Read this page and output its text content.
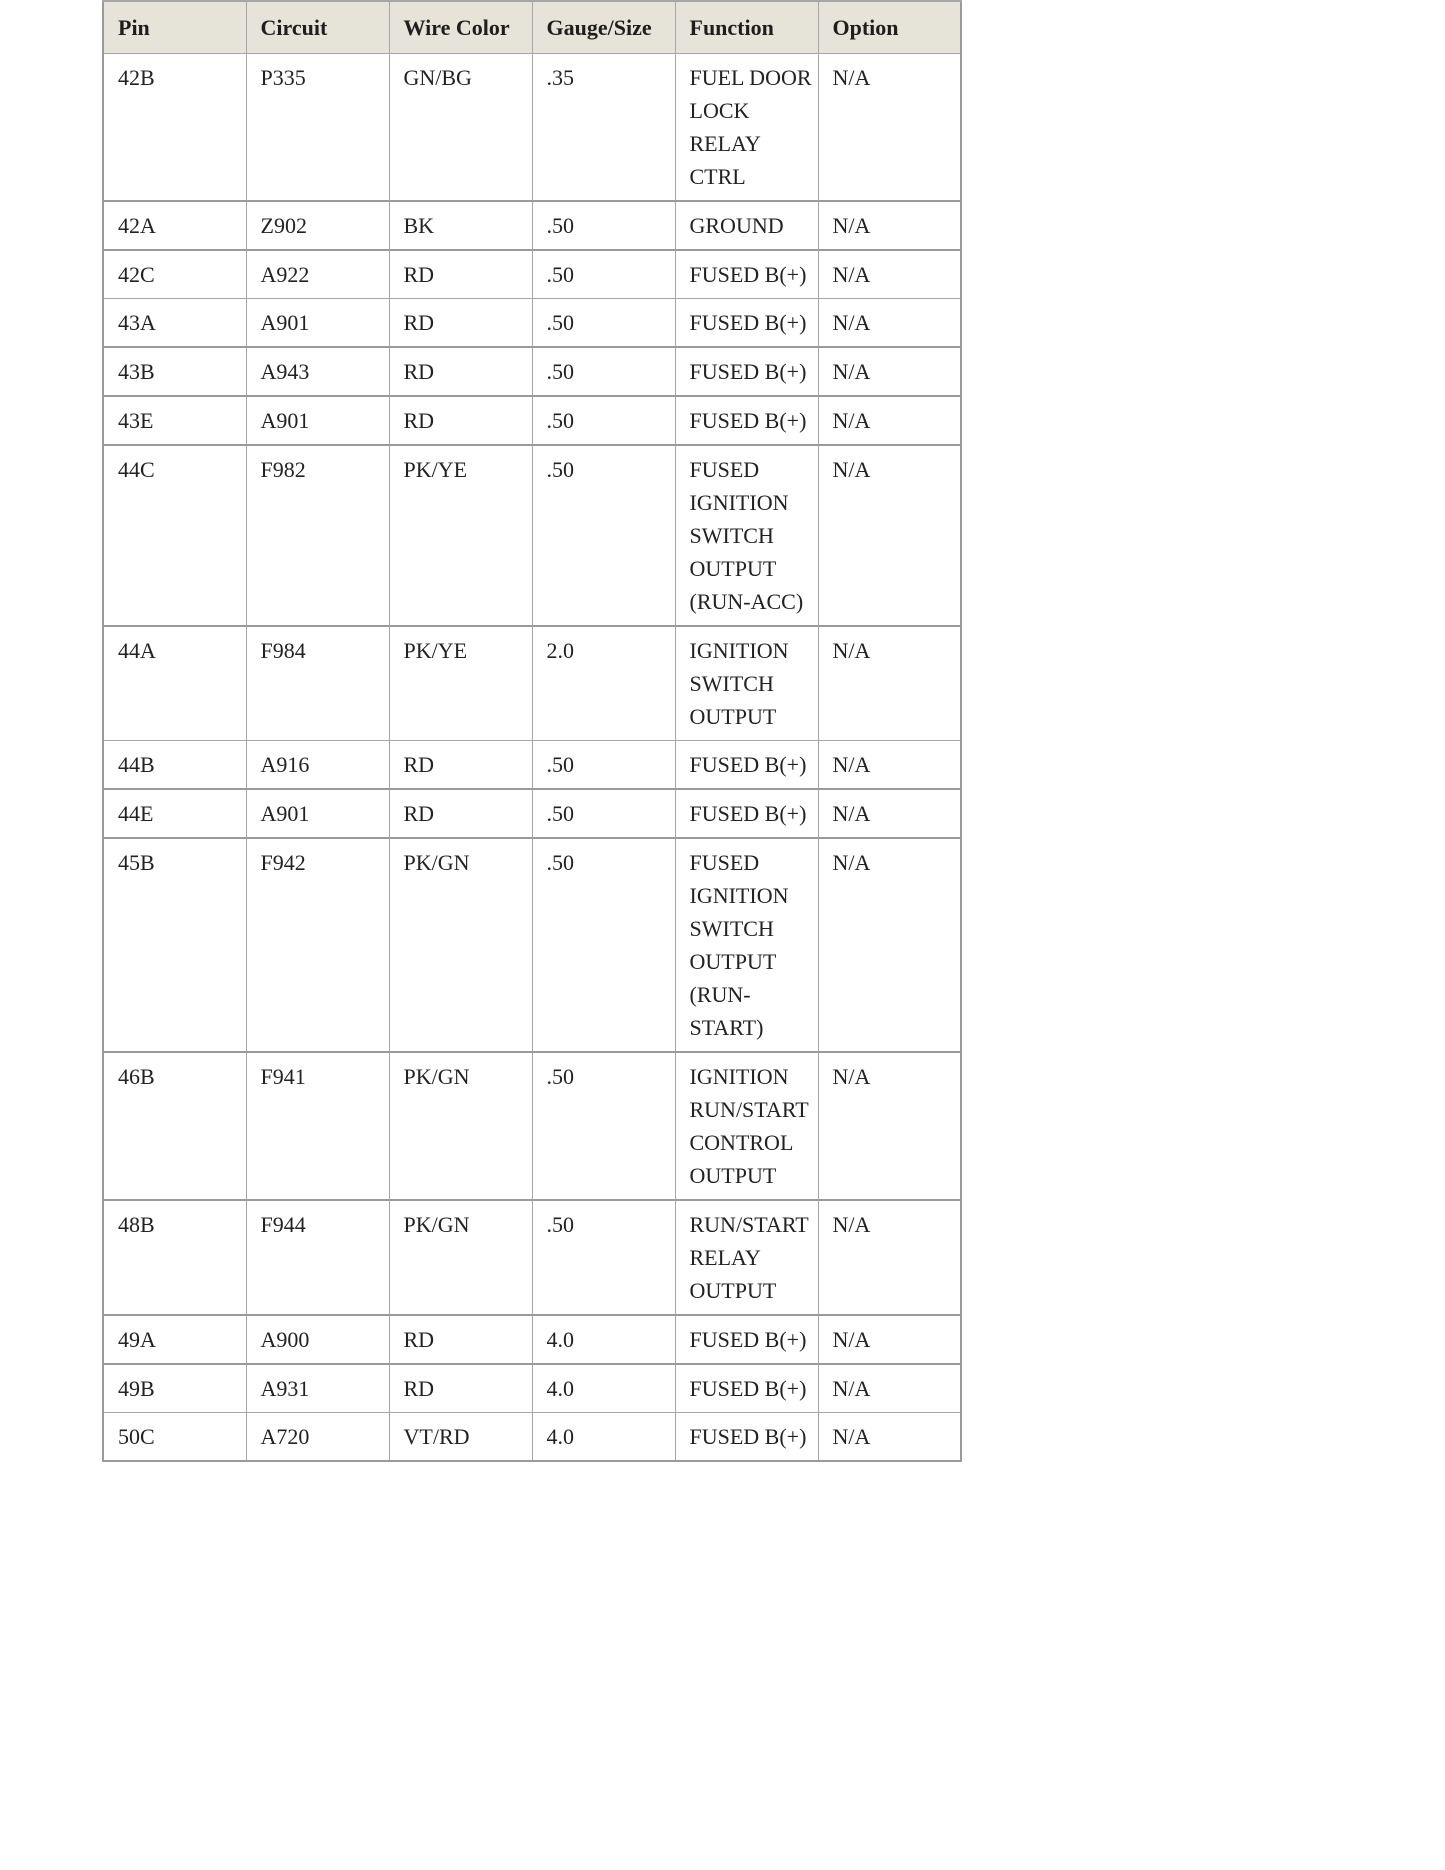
Pin	Circuit	Wire Color	Gauge/Size	Function	Option
42B	P335	GN/BG	.35	FUEL DOOR LOCK RELAY CTRL	N/A
42A	Z902	BK	.50	GROUND	N/A
42C	A922	RD	.50	FUSED B(+)	N/A
43A	A901	RD	.50	FUSED B(+)	N/A
43B	A943	RD	.50	FUSED B(+)	N/A
43E	A901	RD	.50	FUSED B(+)	N/A
44C	F982	PK/YE	.50	FUSED IGNITION SWITCH OUTPUT (RUN-ACC)	N/A
44A	F984	PK/YE	2.0	IGNITION SWITCH OUTPUT	N/A
44B	A916	RD	.50	FUSED B(+)	N/A
44E	A901	RD	.50	FUSED B(+)	N/A
45B	F942	PK/GN	.50	FUSED IGNITION SWITCH OUTPUT (RUN-START)	N/A
46B	F941	PK/GN	.50	IGNITION RUN/START CONTROL OUTPUT	N/A
48B	F944	PK/GN	.50	RUN/START RELAY OUTPUT	N/A
49A	A900	RD	4.0	FUSED B(+)	N/A
49B	A931	RD	4.0	FUSED B(+)	N/A
50C	A720	VT/RD	4.0	FUSED B(+)	N/A
